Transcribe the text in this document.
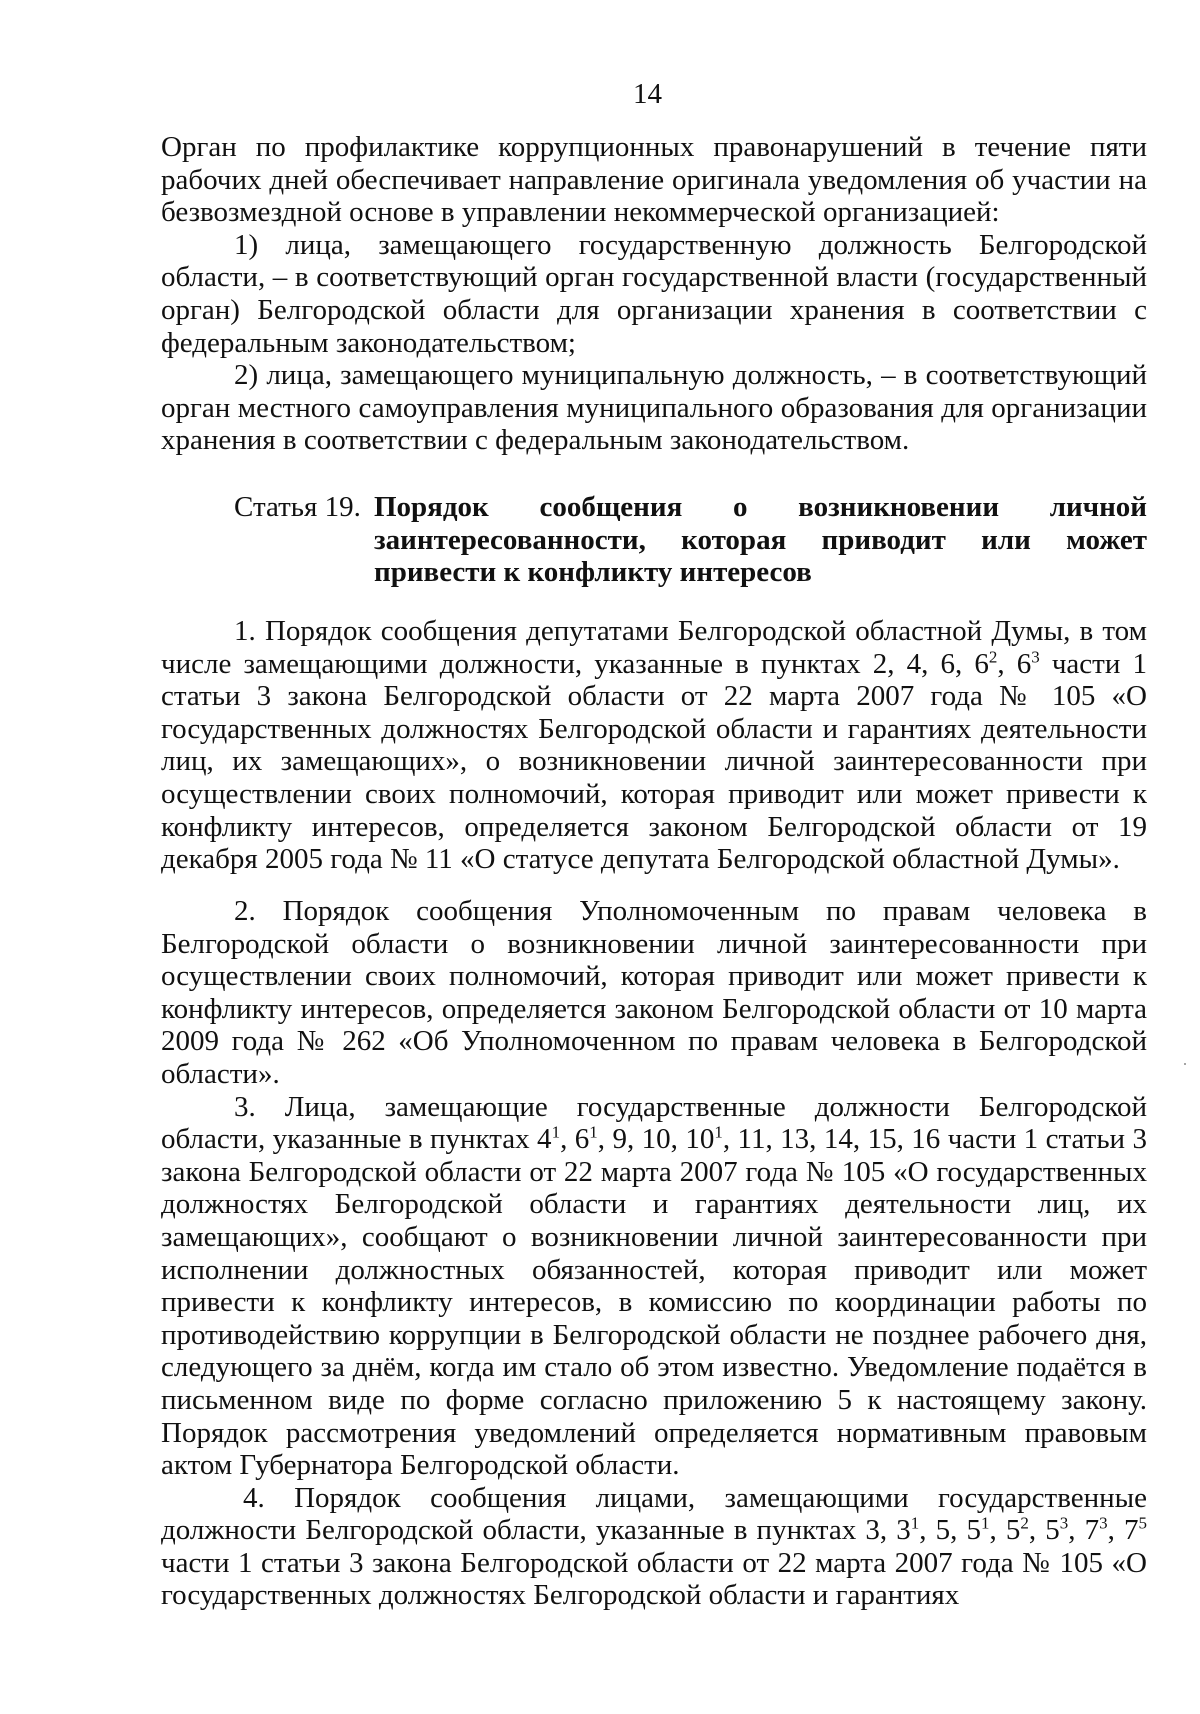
14

Орган по профилактике коррупционных правонарушений в течение пяти рабочих дней обеспечивает направление оригинала уведомления об участии на безвозмездной основе в управлении некоммерческой организацией:

1) лица, замещающего государственную должность Белгородской области, – в соответствующий орган государственной власти (государственный орган) Белгородской области для организации хранения в соответствии с федеральным законодательством;

2) лица, замещающего муниципальную должность, – в соответствующий орган местного самоуправления муниципального образования для организации хранения в соответствии с федеральным законодательством.

Статья 19. Порядок сообщения о возникновении личной заинтересованности, которая приводит или может привести к конфликту интересов

1. Порядок сообщения депутатами Белгородской областной Думы, в том числе замещающими должности, указанные в пунктах 2, 4, 6, $6^2$, $6^3$ части 1 статьи 3 закона Белгородской области от 22 марта 2007 года № 105 «О государственных должностях Белгородской области и гарантиях деятельности лиц, их замещающих», о возникновении личной заинтересованности при осуществлении своих полномочий, которая приводит или может привести к конфликту интересов, определяется законом Белгородской области от 19 декабря 2005 года № 11 «О статусе депутата Белгородской областной Думы».

2. Порядок сообщения Уполномоченным по правам человека в Белгородской области о возникновении личной заинтересованности при осуществлении своих полномочий, которая приводит или может привести к конфликту интересов, определяется законом Белгородской области от 10 марта 2009 года № 262 «Об Уполномоченном по правам человека в Белгородской области».

3. Лица, замещающие государственные должности Белгородской области, указанные в пунктах $4^1$, $6^1$, 9, 10, $10^1$, 11, 13, 14, 15, 16 части 1 статьи 3 закона Белгородской области от 22 марта 2007 года № 105 «О государственных должностях Белгородской области и гарантиях деятельности лиц, их замещающих», сообщают о возникновении личной заинтересованности при исполнении должностных обязанностей, которая приводит или может привести к конфликту интересов, в комиссию по координации работы по противодействию коррупции в Белгородской области не позднее рабочего дня, следующего за днём, когда им стало об этом известно. Уведомление подаётся в письменном виде по форме согласно приложению 5 к настоящему закону. Порядок рассмотрения уведомлений определяется нормативным правовым актом Губернатора Белгородской области.

4. Порядок сообщения лицами, замещающими государственные должности Белгородской области, указанные в пунктах 3, $3^1$, 5, $5^1$, $5^2$, $5^3$, $7^3$, $7^5$ части 1 статьи 3 закона Белгородской области от 22 марта 2007 года № 105 «О государственных должностях Белгородской области и гарантиях
